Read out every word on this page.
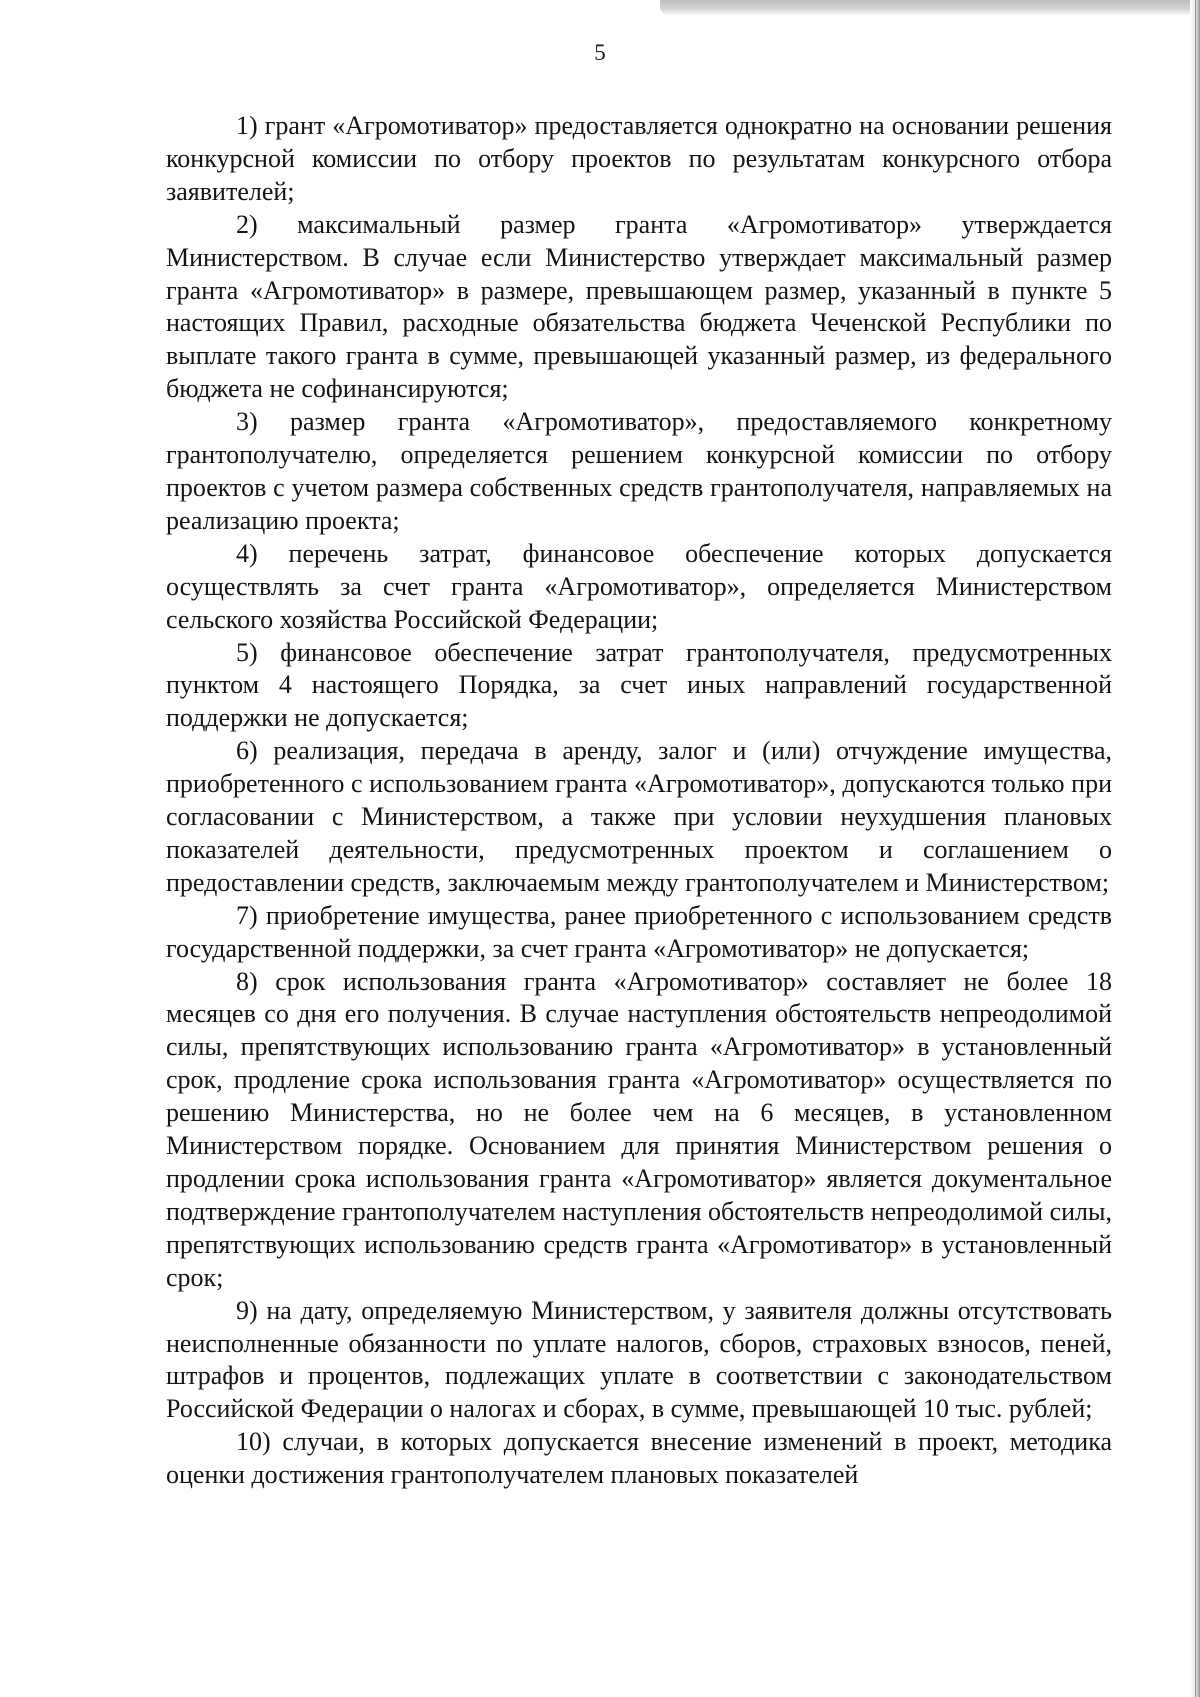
5

1) грант «Агромотиватор» предоставляется однократно на основании решения конкурсной комиссии по отбору проектов по результатам конкурсного отбора заявителей;

2) максимальный размер гранта «Агромотиватор» утверждается Министерством. В случае если Министерство утверждает максимальный размер гранта «Агромотиватор» в размере, превышающем размер, указанный в пункте 5 настоящих Правил, расходные обязательства бюджета Чеченской Республики по выплате такого гранта в сумме, превышающей указанный размер, из федерального бюджета не софинансируются;

3) размер гранта «Агромотиватор», предоставляемого конкретному грантополучателю, определяется решением конкурсной комиссии по отбору проектов с учетом размера собственных средств грантополучателя, направляемых на реализацию проекта;

4) перечень затрат, финансовое обеспечение которых допускается осуществлять за счет гранта «Агромотиватор», определяется Министерством сельского хозяйства Российской Федерации;

5) финансовое обеспечение затрат грантополучателя, предусмотренных пунктом 4 настоящего Порядка, за счет иных направлений государственной поддержки не допускается;

6) реализация, передача в аренду, залог и (или) отчуждение имущества, приобретенного с использованием гранта «Агромотиватор», допускаются только при согласовании с Министерством, а также при условии неухудшения плановых показателей деятельности, предусмотренных проектом и соглашением о предоставлении средств, заключаемым между грантополучателем и Министерством;

7) приобретение имущества, ранее приобретенного с использованием средств государственной поддержки, за счет гранта «Агромотиватор» не допускается;

8) срок использования гранта «Агромотиватор» составляет не более 18 месяцев со дня его получения. В случае наступления обстоятельств непреодолимой силы, препятствующих использованию гранта «Агромотиватор» в установленный срок, продление срока использования гранта «Агромотиватор» осуществляется по решению Министерства, но не более чем на 6 месяцев, в установленном Министерством порядке. Основанием для принятия Министерством решения о продлении срока использования гранта «Агромотиватор» является документальное подтверждение грантополучателем наступления обстоятельств непреодолимой силы, препятствующих использованию средств гранта «Агромотиватор» в установленный срок;

9) на дату, определяемую Министерством, у заявителя должны отсутствовать неисполненные обязанности по уплате налогов, сборов, страховых взносов, пеней, штрафов и процентов, подлежащих уплате в соответствии с законодательством Российской Федерации о налогах и сборах, в сумме, превышающей 10 тыс. рублей;

10) случаи, в которых допускается внесение изменений в проект, методика оценки достижения грантополучателем плановых показателей
